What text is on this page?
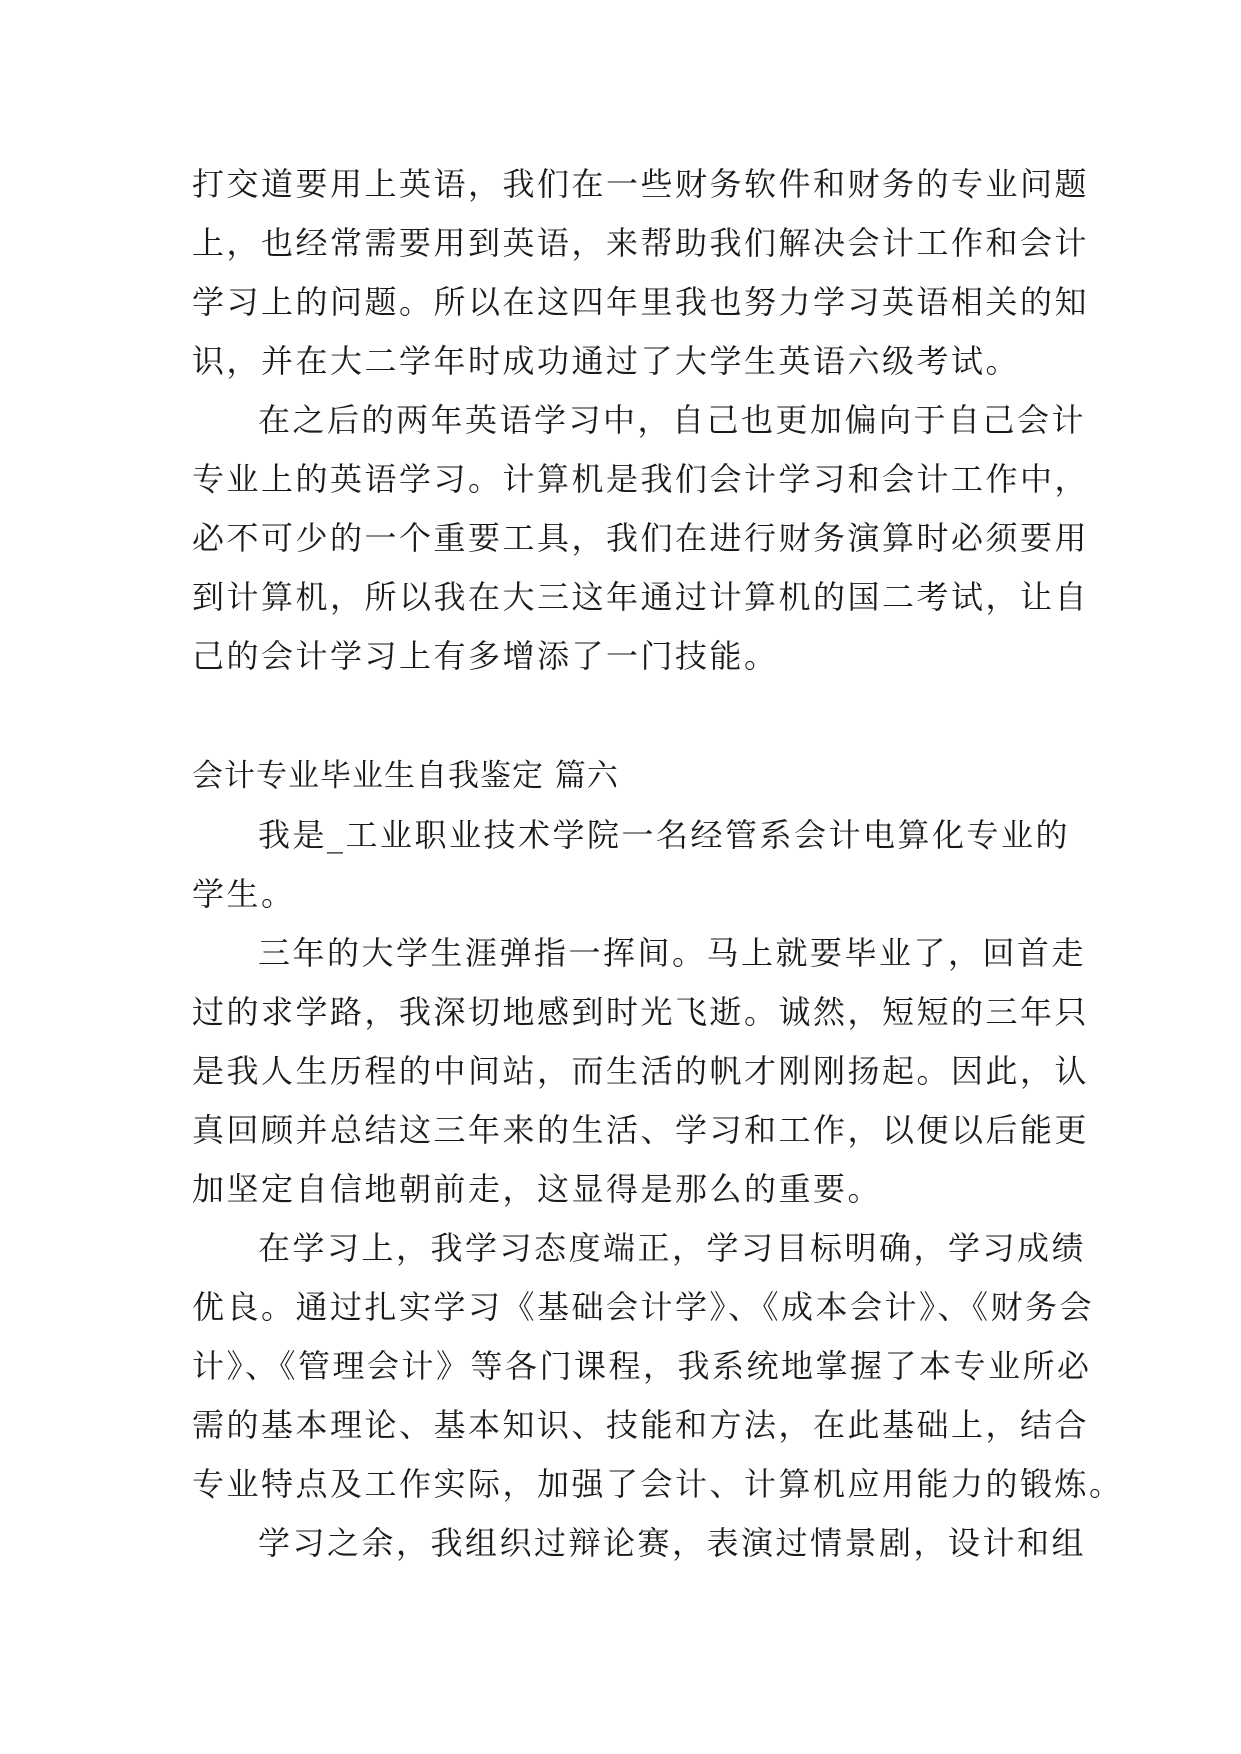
打交道要用上英语，我们在一些财务软件和财务的专业问题
上，也经常需要用到英语，来帮助我们解决会计工作和会计
学习上的问题。所以在这四年里我也努力学习英语相关的知
识，并在大二学年时成功通过了大学生英语六级考试。
在之后的两年英语学习中，自己也更加偏向于自己会计
专业上的英语学习。计算机是我们会计学习和会计工作中，
必不可少的一个重要工具，我们在进行财务演算时必须要用
到计算机，所以我在大三这年通过计算机的国二考试，让自
己的会计学习上有多增添了一门技能。
会计专业毕业生自我鉴定 篇六
我是_工业职业技术学院一名经管系会计电算化专业的
学生。
三年的大学生涯弹指一挥间。马上就要毕业了，回首走
过的求学路，我深切地感到时光飞逝。诚然，短短的三年只
是我人生历程的中间站，而生活的帆才刚刚扬起。因此，认
真回顾并总结这三年来的生活、学习和工作，以便以后能更
加坚定自信地朝前走，这显得是那么的重要。
在学习上，我学习态度端正，学习目标明确，学习成绩
优良。通过扎实学习《基础会计学》、《成本会计》、《财务会
计》、《管理会计》等各门课程，我系统地掌握了本专业所必
需的基本理论、基本知识、技能和方法，在此基础上，结合
专业特点及工作实际，加强了会计、计算机应用能力的锻炼。
学习之余，我组织过辩论赛，表演过情景剧，设计和组
